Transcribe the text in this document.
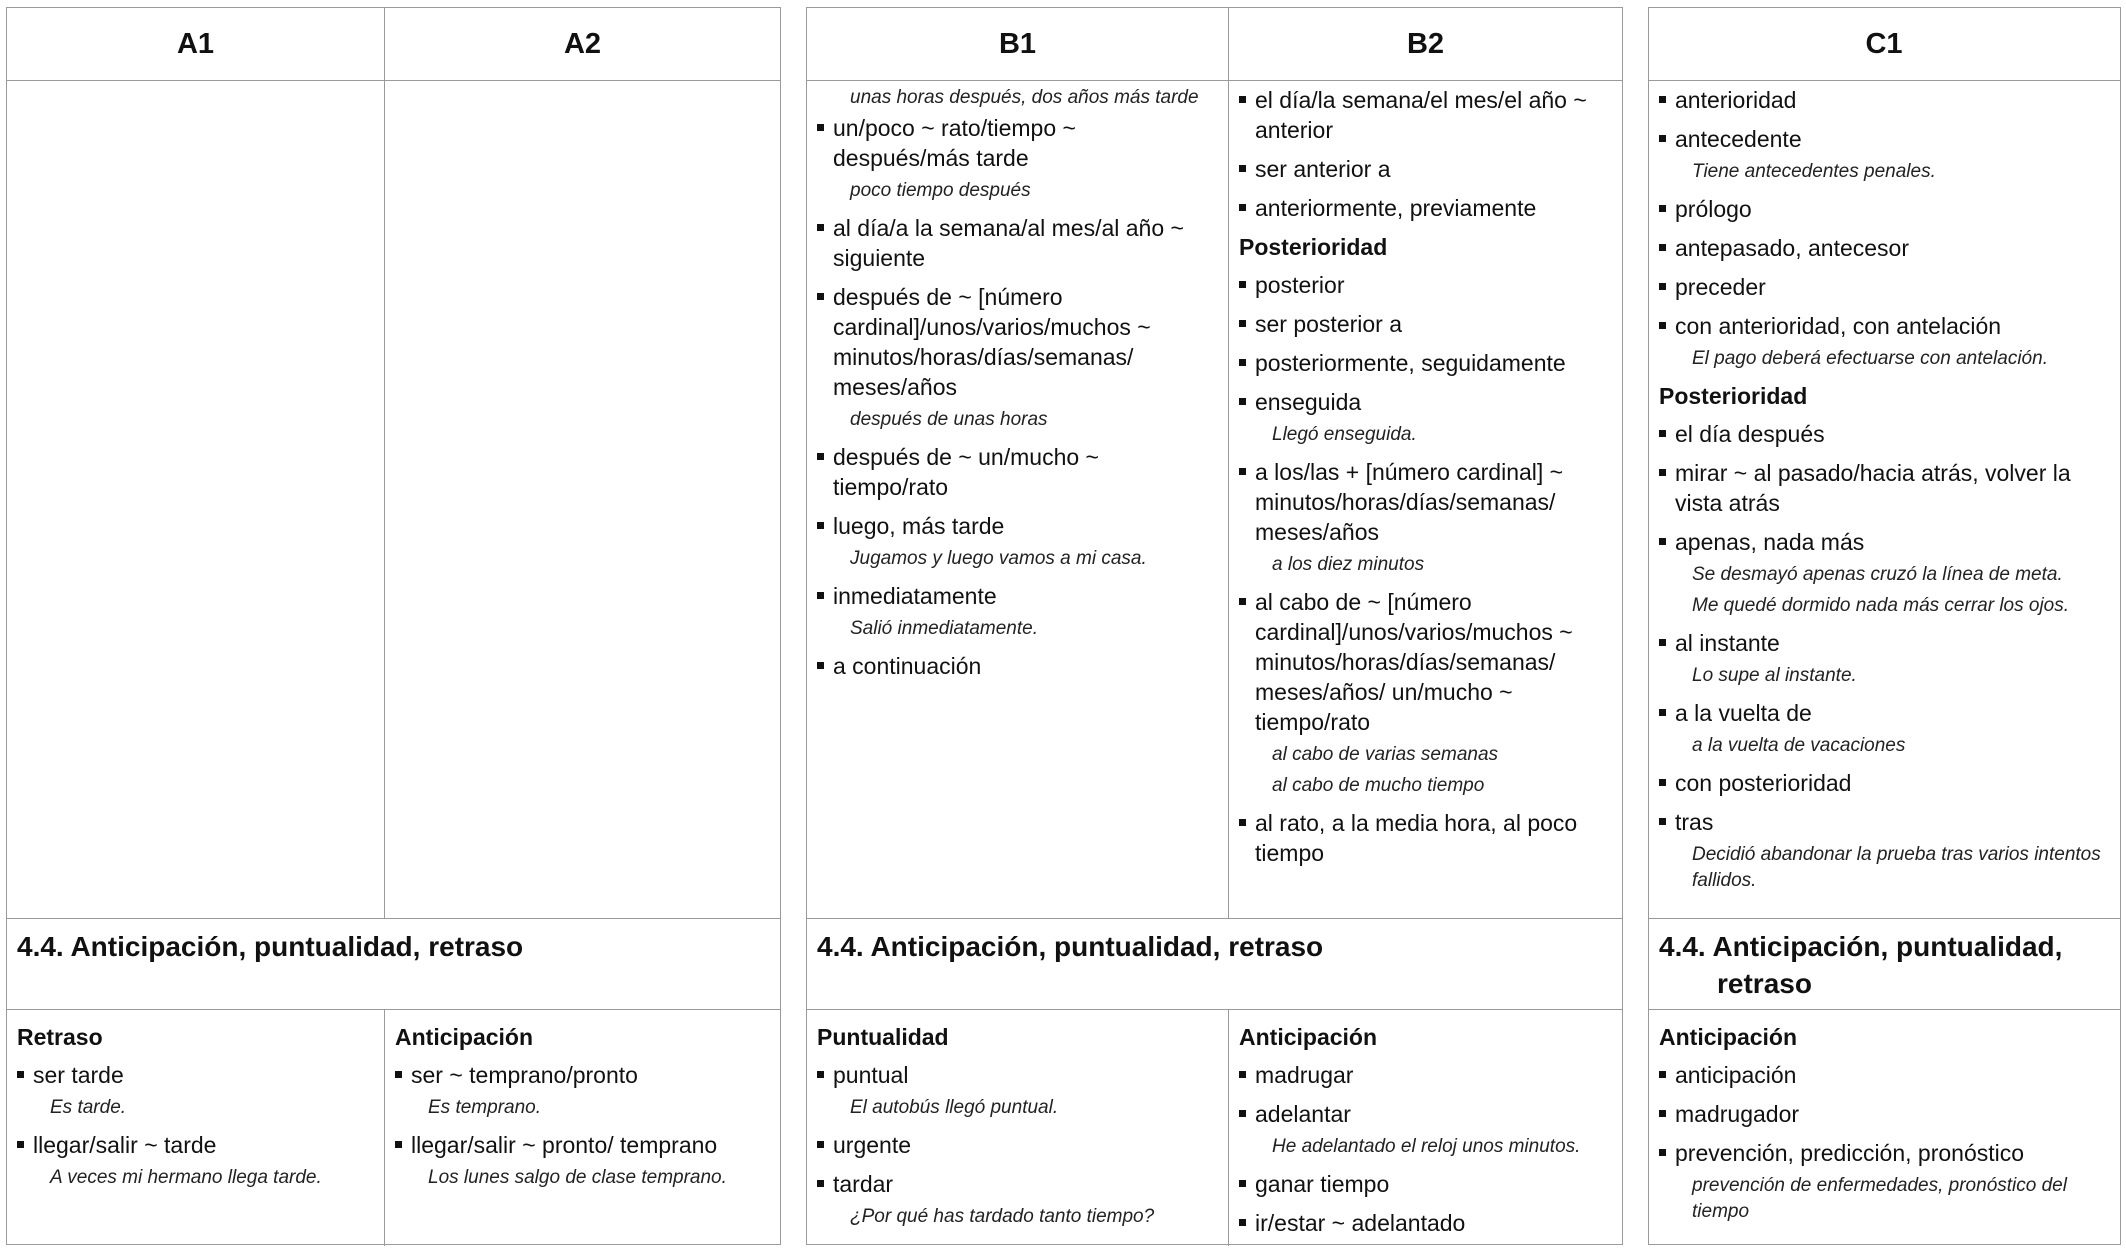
A1	A2
4.4. Anticipación, puntualidad, retraso
Retraso
ser tarde
Es tarde.
llegar/salir ~ tarde
A veces mi hermano llega tarde.
Anticipación
ser ~ temprano/pronto
Es temprano.
llegar/salir ~ pronto/ temprano
Los lunes salgo de clase temprano.
B1	B2
unas horas después, dos años más tarde
un/poco ~ rato/tiempo ~ después/más tarde
poco tiempo después
al día/a la semana/al mes/al año ~ siguiente
después de ~ [número cardinal]/unos/varios/muchos ~ minutos/horas/días/semanas/ meses/años
después de unas horas
después de ~ un/mucho ~ tiempo/rato
luego, más tarde
Jugamos y luego vamos a mi casa.
inmediatamente
Salió inmediatamente.
a continuación
el día/la semana/el mes/el año ~ anterior
ser anterior a
anteriormente, previamente
Posterioridad
posterior
ser posterior a
posteriormente, seguidamente
enseguida
Llegó enseguida.
a los/las + [número cardinal] ~ minutos/horas/días/semanas/ meses/años
a los diez minutos
al cabo de ~ [número cardinal]/unos/varios/muchos ~ minutos/horas/días/semanas/ meses/años/ un/mucho ~ tiempo/rato
al cabo de varias semanas
al cabo de mucho tiempo
al rato, a la media hora, al poco tiempo
4.4. Anticipación, puntualidad, retraso
Puntualidad
puntual
El autobús llegó puntual.
urgente
tardar
¿Por qué has tardado tanto tiempo?
Anticipación
madrugar
adelantar
He adelantado el reloj unos minutos.
ganar tiempo
ir/estar ~ adelantado
C1
anterioridad
antecedente
Tiene antecedentes penales.
prólogo
antepasado, antecesor
preceder
con anterioridad, con antelación
El pago deberá efectuarse con antelación.
Posterioridad
el día después
mirar ~ al pasado/hacia atrás, volver la vista atrás
apenas, nada más
Se desmayó apenas cruzó la línea de meta.
Me quedé dormido nada más cerrar los ojos.
al instante
Lo supe al instante.
a la vuelta de
a la vuelta de vacaciones
con posterioridad
tras
Decidió abandonar la prueba tras varios intentos fallidos.
4.4. Anticipación, puntualidad,
retraso
Anticipación
anticipación
madrugador
prevención, predicción, pronóstico
prevención de enfermedades, pronóstico del tiempo
